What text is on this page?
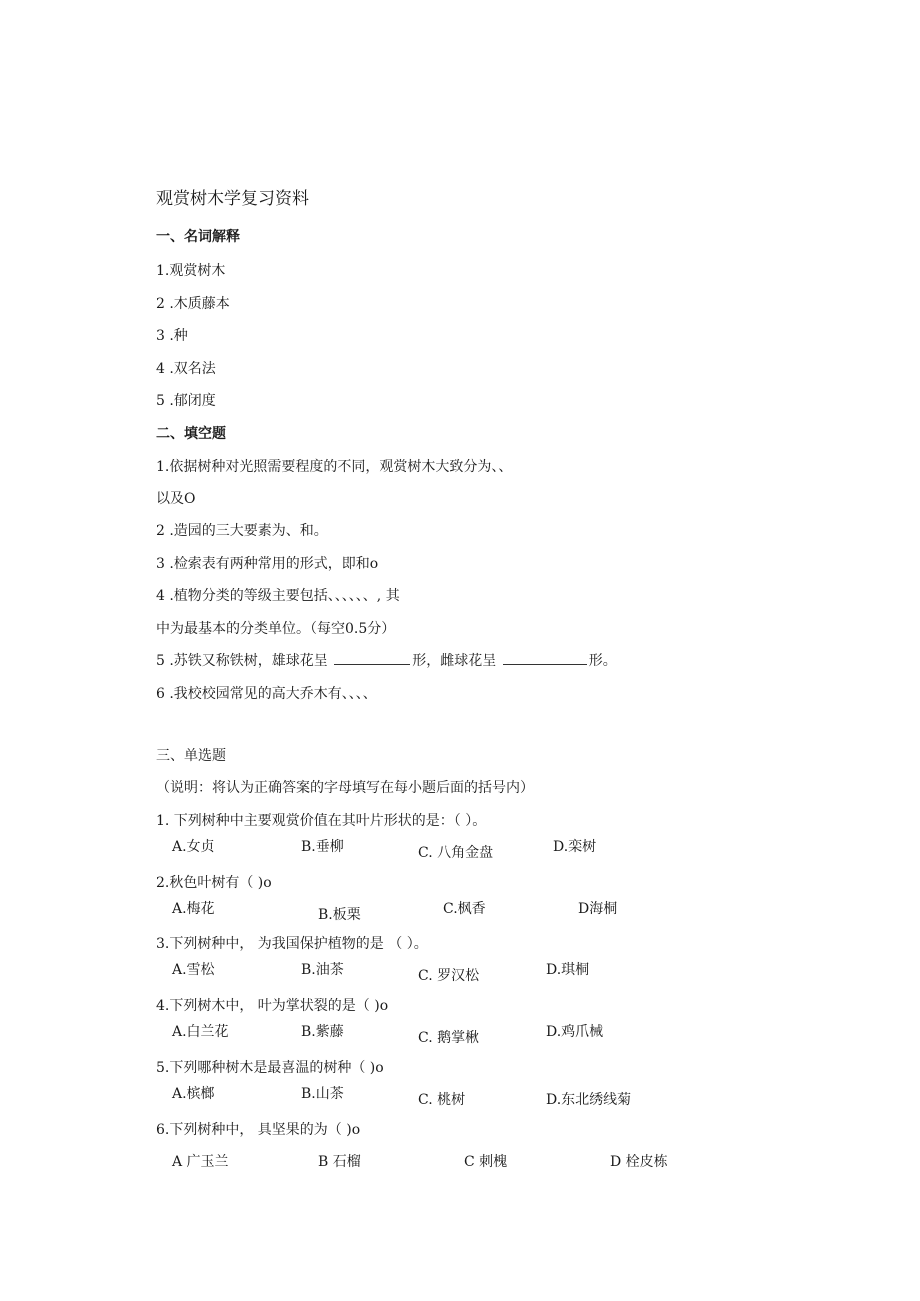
观赏树木学复习资料
一、名词解释
1.观赏树木
2 .木质藤本
3 .种
4 .双名法
5 .郁闭度
二、填空题
1.依据树种对光照需要程度的不同，观赏树木大致分为、、
以及O
2 .造园的三大要素为、和。
3 .检索表有两种常用的形式，即和o
4 .植物分类的等级主要包括、、、、、、, 其
中为最基本的分类单位。（每空0.5分）
5 .苏铁又称铁树，雄球花呈	形，雌球花呈	形。
6 .我校校园常见的高大乔木有、、、、
三、单选题
（说明：将认为正确答案的字母填写在每小题后面的括号内）
1. 下列树种中主要观赏价值在其叶片形状的是：（ ）。
A.女贞	B.垂柳	C. 八角金盘	D.栾树
2.秋色叶树有（ )o
A.梅花	B.板栗	C.枫香	D海桐
3.下列树种中， 为我国保护植物的是 （ ）。
A.雪松	B.油茶	C. 罗汉松	D.琪桐
4.下列树木中， 叶为掌状裂的是（ )o
A.白兰花	B.紫藤	C. 鹅掌楸	D.鸡爪械
5.下列哪种树木是最喜温的树种（ )o
A.槟榔	B.山茶	C. 桃树	D.东北绣线菊
6.下列树种中， 具坚果的为（ )o
A 广玉兰	B 石榴	C 刺槐	D 栓皮栋
